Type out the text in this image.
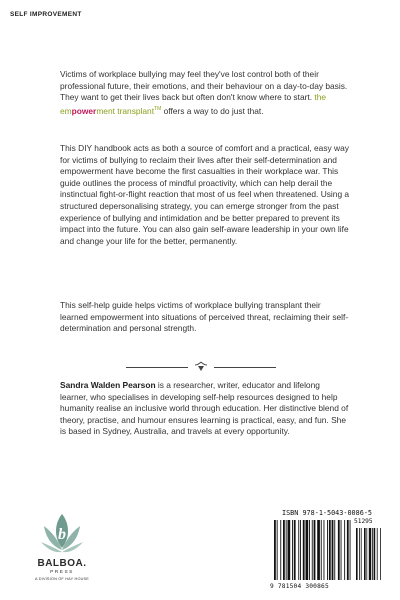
SELF IMPROVEMENT

Victims of workplace bullying may feel they've lost control both of their professional future, their emotions, and their behaviour on a day-to-day basis. They want to get their lives back but often don't know where to start. the empowerment transplant™ offers a way to do just that.

This DIY handbook acts as both a source of comfort and a practical, easy way for victims of bullying to reclaim their lives after their self-determination and empowerment have become the first casualties in their workplace war. This guide outlines the process of mindful proactivity, which can help derail the instinctual fight-or-flight reaction that most of us feel when threatened. Using a structured depersonalising strategy, you can emerge stronger from the past experience of bullying and intimidation and be better prepared to prevent its impact into the future. You can also gain self-aware leadership in your own life and change your life for the better, permanently.

This self-help guide helps victims of workplace bullying transplant their learned empowerment into situations of perceived threat, reclaiming their self-determination and personal strength.

Sandra Walden Pearson is a researcher, writer, educator and lifelong learner, who specialises in developing self-help resources designed to help humanity realise an inclusive world through education. Her distinctive blend of theory, practise, and humour ensures learning is practical, easy, and fun. She is based in Sydney, Australia, and travels at every opportunity.

b
BALBOA.
PRESS
A DIVISION OF HAY HOUSE
ISBN 978-1-5043-0086-5
51295
9 781504 300865
